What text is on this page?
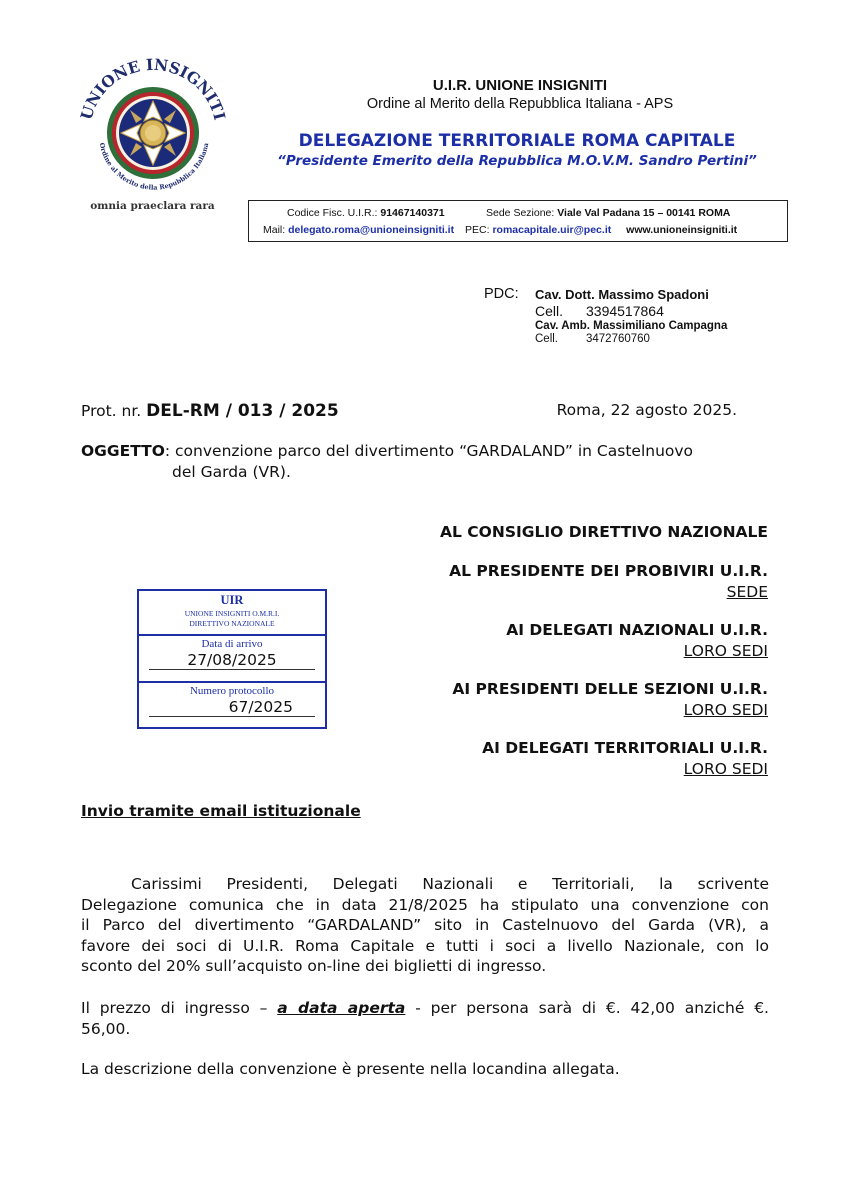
UNIONE INSIGNITI
Ordine al Merito della Repubblica Italiana
omnia praeclara rara
U.I.R. UNIONE INSIGNITI
Ordine al Merito della Repubblica Italiana - APS
DELEGAZIONE TERRITORIALE ROMA CAPITALE
“Presidente Emerito della Repubblica M.O.V.M. Sandro Pertini”
Codice Fisc. U.I.R.: 91467140371	Sede Sezione: Viale Val Padana 15 – 00141 ROMA
Mail: delegato.roma@unioneinsigniti.it PEC: romacapitale.uir@pec.it www.unioneinsigniti.it
PDC: Cav. Dott. Massimo Spadoni
Cell. 3394517864
Cav. Amb. Massimiliano Campagna
Cell. 3472760760
Prot. nr. DEL-RM / 013 / 2025	Roma, 22 agosto 2025.
OGGETTO: convenzione parco del divertimento “GARDALAND” in Castelnuovo
del Garda (VR).
AL CONSIGLIO DIRETTIVO NAZIONALE
AL PRESIDENTE DEI PROBIVIRI U.I.R.
SEDE
AI DELEGATI NAZIONALI U.I.R.
LORO SEDI
AI PRESIDENTI DELLE SEZIONI U.I.R.
LORO SEDI
AI DELEGATI TERRITORIALI U.I.R.
LORO SEDI
UIR
UNIONE INSIGNITI O.M.R.I.
DIRETTIVO NAZIONALE
Data di arrivo
27/08/2025
Numero protocollo
67/2025
Invio tramite email istituzionale
Carissimi Presidenti, Delegati Nazionali e Territoriali, la scrivente
Delegazione comunica che in data 21/8/2025 ha stipulato una convenzione con
il Parco del divertimento “GARDALAND” sito in Castelnuovo del Garda (VR), a
favore dei soci di U.I.R. Roma Capitale e tutti i soci a livello Nazionale, con lo
sconto del 20% sull’acquisto on-line dei biglietti di ingresso.
Il prezzo di ingresso – a data aperta - per persona sarà di €. 42,00 anziché €.
56,00.
La descrizione della convenzione è presente nella locandina allegata.
